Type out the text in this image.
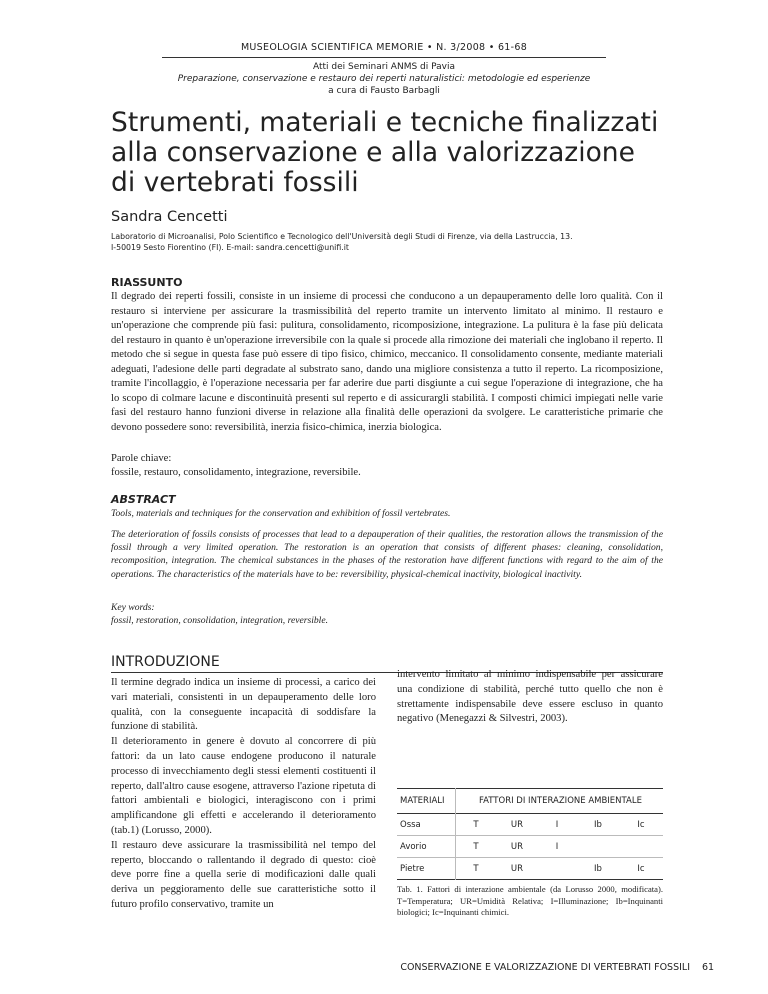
MUSEOLOGIA SCIENTIFICA MEMORIE • N. 3/2008 • 61-68
Atti dei Seminari ANMS di Pavia
Preparazione, conservazione e restauro dei reperti naturalistici: metodologie ed esperienze
a cura di Fausto Barbagli
Strumenti, materiali e tecniche finalizzati
alla conservazione e alla valorizzazione
di vertebrati fossili
Sandra Cencetti
Laboratorio di Microanalisi, Polo Scientifico e Tecnologico dell'Università degli Studi di Firenze, via della Lastruccia, 13.
I-50019 Sesto Fiorentino (FI). E-mail: sandra.cencetti@unifi.it
RIASSUNTO
Il degrado dei reperti fossili, consiste in un insieme di processi che conducono a un depauperamento delle loro qualità. Con il restauro si interviene per assicurare la trasmissibilità del reperto tramite un intervento limitato al minimo. Il restauro e un'operazione che comprende più fasi: pulitura, consolidamento, ricomposizione, integrazione. La pulitura è la fase più delicata del restauro in quanto è un'operazione irreversibile con la quale si procede alla rimozione dei materiali che inglobano il reperto. Il metodo che si segue in questa fase può essere di tipo fisico, chimico, meccanico. Il consolidamento consente, mediante materiali adeguati, l'adesione delle parti degradate al substrato sano, dando una migliore consistenza a tutto il reperto. La ricomposizione, tramite l'incollaggio, è l'operazione necessaria per far aderire due parti disgiunte a cui segue l'operazione di integrazione, che ha lo scopo di colmare lacune e discontinuità presenti sul reperto e di assicurargli stabilità. I composti chimici impiegati nelle varie fasi del restauro hanno funzioni diverse in relazione alla finalità delle operazioni da svolgere. Le caratteristiche primarie che devono possedere sono: reversibilità, inerzia fisico-chimica, inerzia biologica.
Parole chiave:
fossile, restauro, consolidamento, integrazione, reversibile.
ABSTRACT
Tools, materials and techniques for the conservation and exhibition of fossil vertebrates.
The deterioration of fossils consists of processes that lead to a depauperation of their qualities, the restoration allows the transmission of the fossil through a very limited operation. The restoration is an operation that consists of different phases: cleaning, consolidation, recomposition, integration. The chemical substances in the phases of the restoration have different functions with regard to the aim of the operations. The characteristics of the materials have to be: reversibility, physical-chemical inactivity, biological inactivity.
Key words:
fossil, restoration, consolidation, integration, reversible.
INTRODUZIONE

Il termine degrado indica un insieme di processi, a carico dei vari materiali, consistenti in un depauperamento delle loro qualità, con la conseguente incapacità di soddisfare la funzione di stabilità.

Il deterioramento in genere è dovuto al concorrere di più fattori: da un lato cause endogene producono il naturale processo di invecchiamento degli stessi elementi costituenti il reperto, dall'altro cause esogene, attraverso l'azione ripetuta di fattori ambientali e biologici, interagiscono con i primi amplificandone gli effetti e accelerando il deterioramento (tab.1) (Lorusso, 2000).

Il restauro deve assicurare la trasmissibilità nel tempo del reperto, bloccando o rallentando il degrado di questo: cioè deve porre fine a quella serie di modificazioni dalle quali deriva un peggioramento delle sue caratteristiche sotto il futuro profilo conservativo, tramite un

intervento limitato al minimo indispensabile per assicurare una condizione di stabilità, perché tutto quello che non è strettamente indispensabile deve essere escluso in quanto negativo (Menegazzi & Silvestri, 2003).

MATERIALI	FATTORI DI INTERAZIONE AMBIENTALE				
Ossa	T	UR	I	Ib	Ic
Avorio	T	UR	I		
Pietre	T	UR		Ib	Ic
Tab. 1. Fattori di interazione ambientale (da Lorusso 2000, modificata). T=Temperatura; UR=Umidità Relativa; I=Illuminazione; Ib=Inquinanti biologici; Ic=Inquinanti chimici.
CONSERVAZIONE E VALORIZZAZIONE DI VERTEBRATI FOSSILI 61
